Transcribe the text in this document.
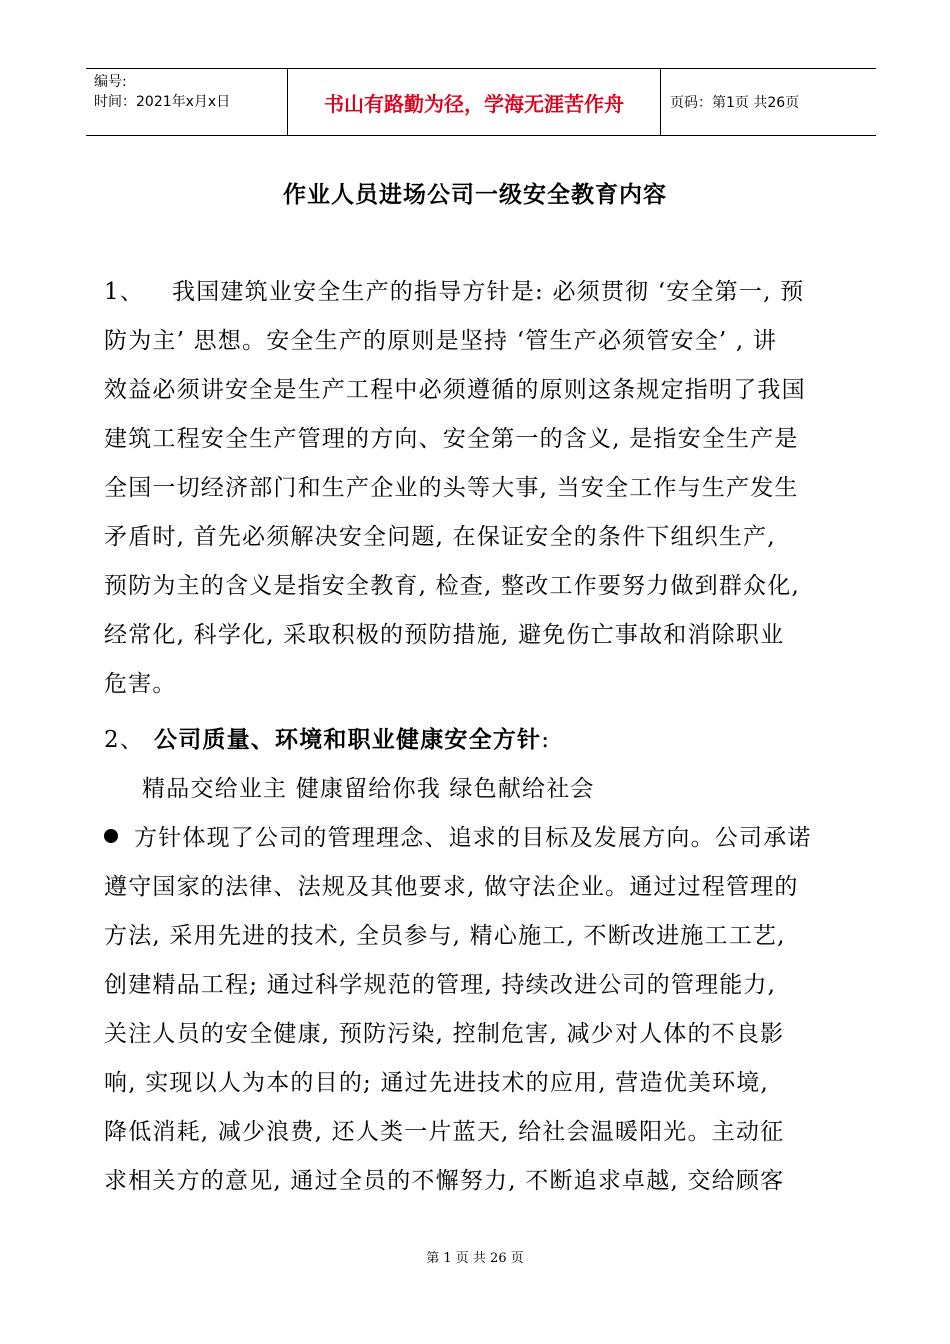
编号:
时间：2021年x月x日	书山有路勤为径，学海无涯苦作舟	页码：第1页 共26页
作业人员进场公司一级安全教育内容
1、 我国建筑业安全生产的指导方针是: 必须贯彻 ‘安全第一, 预
防为主’ 思想。安全生产的原则是坚持 ‘管生产必须管安全’ , 讲
效益必须讲安全是生产工程中必须遵循的原则这条规定指明了我国
建筑工程安全生产管理的方向、安全第一的含义, 是指安全生产是
全国一切经济部门和生产企业的头等大事, 当安全工作与生产发生
矛盾时, 首先必须解决安全问题, 在保证安全的条件下组织生产,
预防为主的含义是指安全教育, 检查, 整改工作要努力做到群众化,
经常化, 科学化, 采取积极的预防措施, 避免伤亡事故和消除职业
危害。
2、 公司质量、环境和职业健康安全方针:
精品交给业主 健康留给你我 绿色献给社会
方针体现了公司的管理理念、追求的目标及发展方向。公司承诺
遵守国家的法律、法规及其他要求, 做守法企业。通过过程管理的
方法, 采用先进的技术, 全员参与, 精心施工, 不断改进施工工艺,
创建精品工程; 通过科学规范的管理, 持续改进公司的管理能力,
关注人员的安全健康, 预防污染, 控制危害, 减少对人体的不良影
响, 实现以人为本的目的; 通过先进技术的应用, 营造优美环境,
降低消耗, 减少浪费, 还人类一片蓝天, 给社会温暖阳光。主动征
求相关方的意见, 通过全员的不懈努力, 不断追求卓越, 交给顾客
第 1 页 共 26 页
